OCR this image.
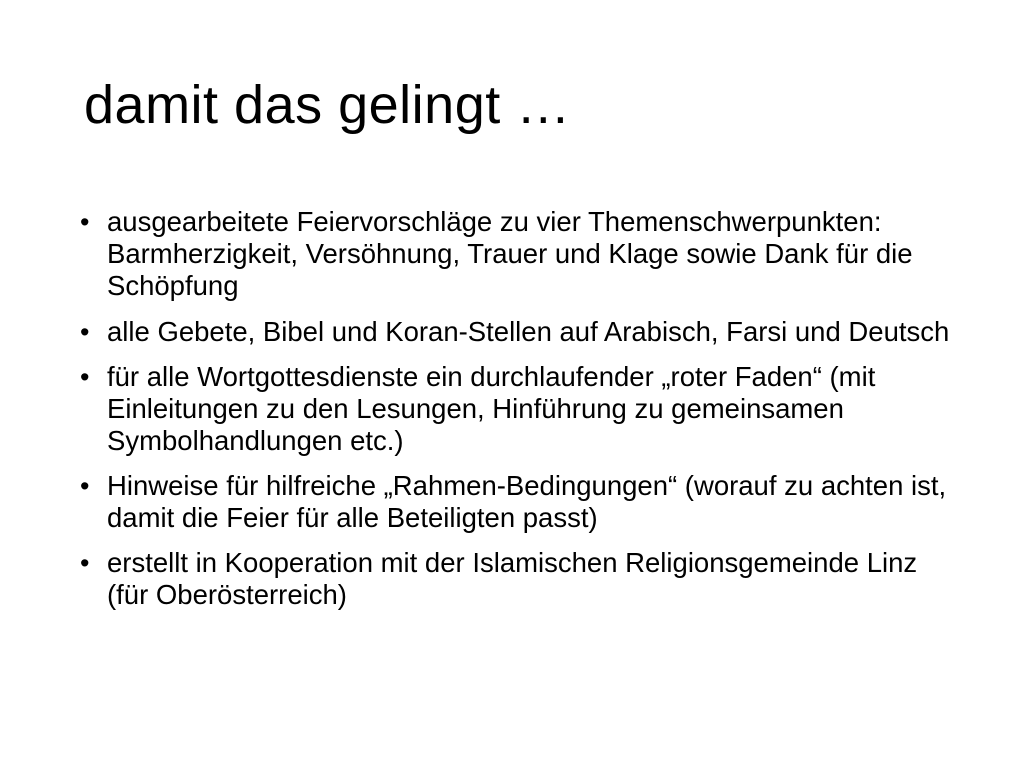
damit das gelingt …
• ausgearbeitete Feiervorschläge zu vier Themenschwerpunkten: Barmherzigkeit, Versöhnung, Trauer und Klage sowie Dank für die Schöpfung
• alle Gebete, Bibel und Koran-Stellen auf Arabisch, Farsi und Deutsch
• für alle Wortgottesdienste ein durchlaufender „roter Faden“ (mit Einleitungen zu den Lesungen, Hinführung zu gemeinsamen Symbolhandlungen etc.)
• Hinweise für hilfreiche „Rahmen-Bedingungen“ (worauf zu achten ist, damit die Feier für alle Beteiligten passt)
• erstellt in Kooperation mit der Islamischen Religionsgemeinde Linz (für Oberösterreich)
